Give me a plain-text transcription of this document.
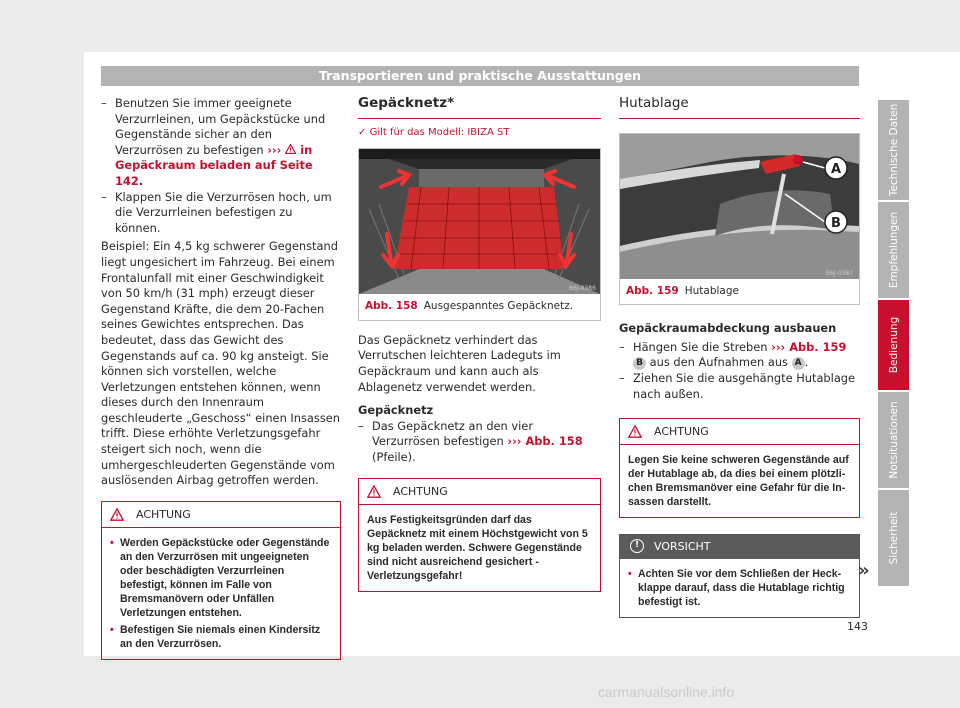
Transportieren und praktische Ausstattungen
– Benutzen Sie immer geeignete Verzurrleinen, um Gepäckstücke und Gegenstände sicher an den Verzurrösen zu befestigen ››› in Gepäckraum beladen auf Seite 142.
– Klappen Sie die Verzurrösen hoch, um die Verzurrleinen befestigen zu können.
Beispiel: Ein 4,5 kg schwerer Gegenstand liegt ungesichert im Fahrzeug. Bei einem Frontalunfall mit einer Geschwindigkeit von 50 km/h (31 mph) erzeugt dieser Gegenstand Kräfte, die dem 20-Fachen seines Gewichtes entsprechen. Das bedeutet, dass das Gewicht des Gegenstands auf ca. 90 kg ansteigt. Sie können sich vorstellen, welche Verletzungen entstehen können, wenn dieses durch den Innenraum geschleuderte „Geschoss“ einen Insassen trifft. Diese erhöhte Verletzungsgefahr steigert sich noch, wenn die umhergeschleuderten Gegenstände vom auslösenden Airbag getroffen werden.
ACHTUNG
• Werden Gepäckstücke oder Gegenstände an den Verzurrösen mit ungeeigneten oder beschädigten Verzurrleinen befestigt, können im Falle von Bremsmanövern oder Unfällen Verletzungen entstehen.
• Befestigen Sie niemals einen Kindersitz an den Verzurrösen.
Gepäcknetz*
✓ Gilt für das Modell: IBIZA ST
B6J-0386
Abb. 158 Ausgespanntes Gepäcknetz.
Das Gepäcknetz verhindert das Verrutschen leichteren Ladeguts im Gepäckraum und kann auch als Ablagenetz verwendet werden.
Gepäcknetz
– Das Gepäcknetz an den vier Verzurrösen befestigen ››› Abb. 158 (Pfeile).
ACHTUNG
Aus Festigkeitsgründen darf das Gepäcknetz mit einem Höchstgewicht von 5 kg beladen werden. Schwere Gegenstände sind nicht ausreichend gesichert - Verletzungsgefahr!
Hutablage
A
B
B6J-0387
Abb. 159 Hutablage
Gepäckraumabdeckung ausbauen
– Hängen Sie die Streben ››› Abb. 159 B aus den Aufnahmen aus A .
– Ziehen Sie die ausgehängte Hutablage nach außen.
ACHTUNG
Legen Sie keine schweren Gegenstände auf der Hutablage ab, da dies bei einem plötzlichen Bremsmanöver eine Gefahr für die Insassen darstellt.
!	VORSICHT
• Achten Sie vor dem Schließen der Heckklappe darauf, dass die Hutablage richtig befestigt ist.
»
Technische Daten
Empfehlungen
Bedienung
Notsituationen
Sicherheit
143
carmanualsonline.info
